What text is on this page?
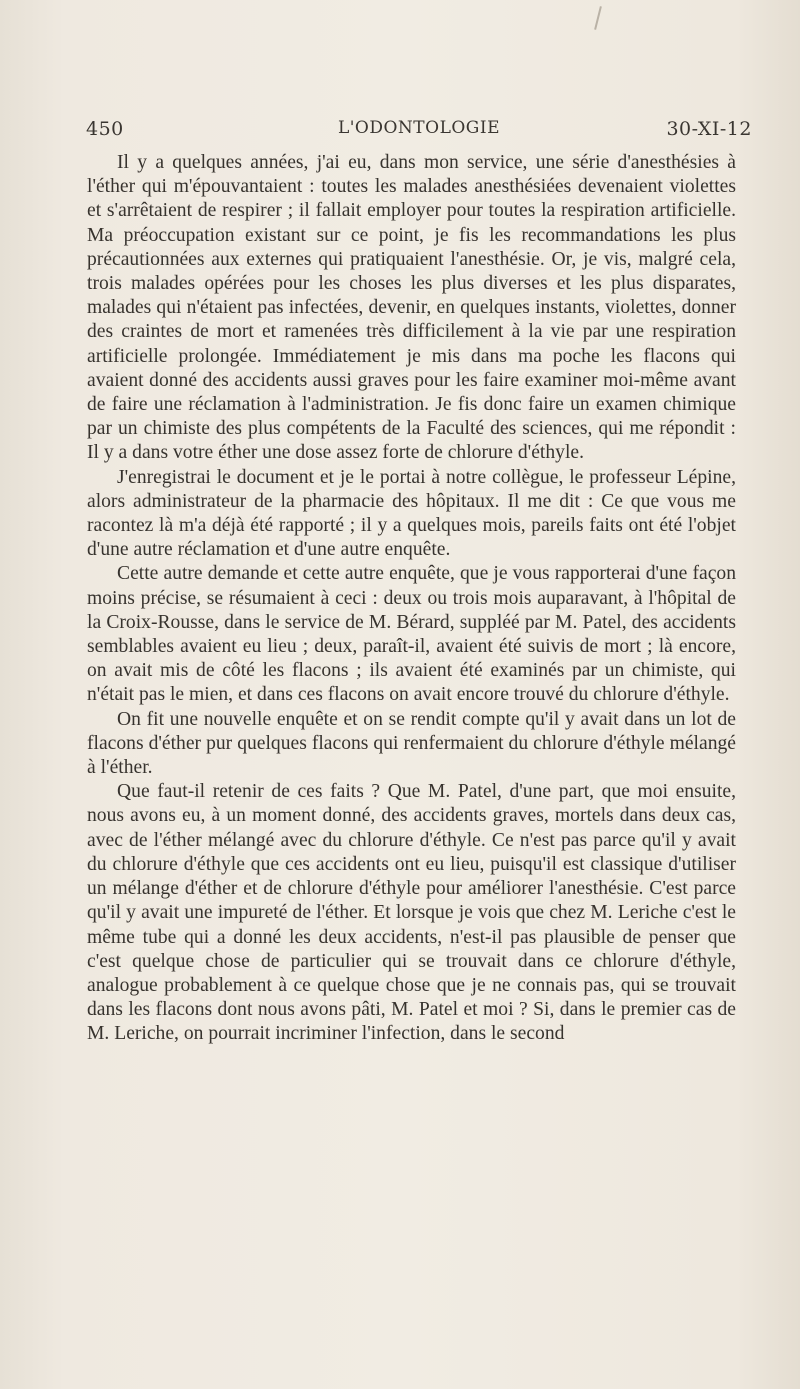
450	L'ODONTOLOGIE	30-XI-12

Il y a quelques années, j'ai eu, dans mon service, une série d'anesthésies à l'éther qui m'épouvantaient : toutes les malades anesthésiées devenaient violettes et s'arrêtaient de respirer ; il fallait employer pour toutes la respiration artificielle. Ma préoccupation existant sur ce point, je fis les recommandations les plus précautionnées aux externes qui pratiquaient l'anesthésie. Or, je vis, malgré cela, trois malades opérées pour les choses les plus diverses et les plus disparates, malades qui n'étaient pas infectées, devenir, en quelques instants, violettes, donner des craintes de mort et ramenées très difficilement à la vie par une respiration artificielle prolongée. Immédiatement je mis dans ma poche les flacons qui avaient donné des accidents aussi graves pour les faire examiner moi-même avant de faire une réclamation à l'administration. Je fis donc faire un examen chimique par un chimiste des plus compétents de la Faculté des sciences, qui me répondit : Il y a dans votre éther une dose assez forte de chlorure d'éthyle.

J'enregistrai le document et je le portai à notre collègue, le professeur Lépine, alors administrateur de la pharmacie des hôpitaux. Il me dit : Ce que vous me racontez là m'a déjà été rapporté ; il y a quelques mois, pareils faits ont été l'objet d'une autre réclamation et d'une autre enquête.

Cette autre demande et cette autre enquête, que je vous rapporterai d'une façon moins précise, se résumaient à ceci : deux ou trois mois auparavant, à l'hôpital de la Croix-Rousse, dans le service de M. Bérard, suppléé par M. Patel, des accidents semblables avaient eu lieu ; deux, paraît-il, avaient été suivis de mort ; là encore, on avait mis de côté les flacons ; ils avaient été examinés par un chimiste, qui n'était pas le mien, et dans ces flacons on avait encore trouvé du chlorure d'éthyle.

On fit une nouvelle enquête et on se rendit compte qu'il y avait dans un lot de flacons d'éther pur quelques flacons qui renfermaient du chlorure d'éthyle mélangé à l'éther.

Que faut-il retenir de ces faits ? Que M. Patel, d'une part, que moi ensuite, nous avons eu, à un moment donné, des accidents graves, mortels dans deux cas, avec de l'éther mélangé avec du chlorure d'éthyle. Ce n'est pas parce qu'il y avait du chlorure d'éthyle que ces accidents ont eu lieu, puisqu'il est classique d'utiliser un mélange d'éther et de chlorure d'éthyle pour améliorer l'anesthésie. C'est parce qu'il y avait une impureté de l'éther. Et lorsque je vois que chez M. Leriche c'est le même tube qui a donné les deux accidents, n'est-il pas plausible de penser que c'est quelque chose de particulier qui se trouvait dans ce chlorure d'éthyle, analogue probablement à ce quelque chose que je ne connais pas, qui se trouvait dans les flacons dont nous avons pâti, M. Patel et moi ? Si, dans le premier cas de M. Leriche, on pourrait incriminer l'infection, dans le second
